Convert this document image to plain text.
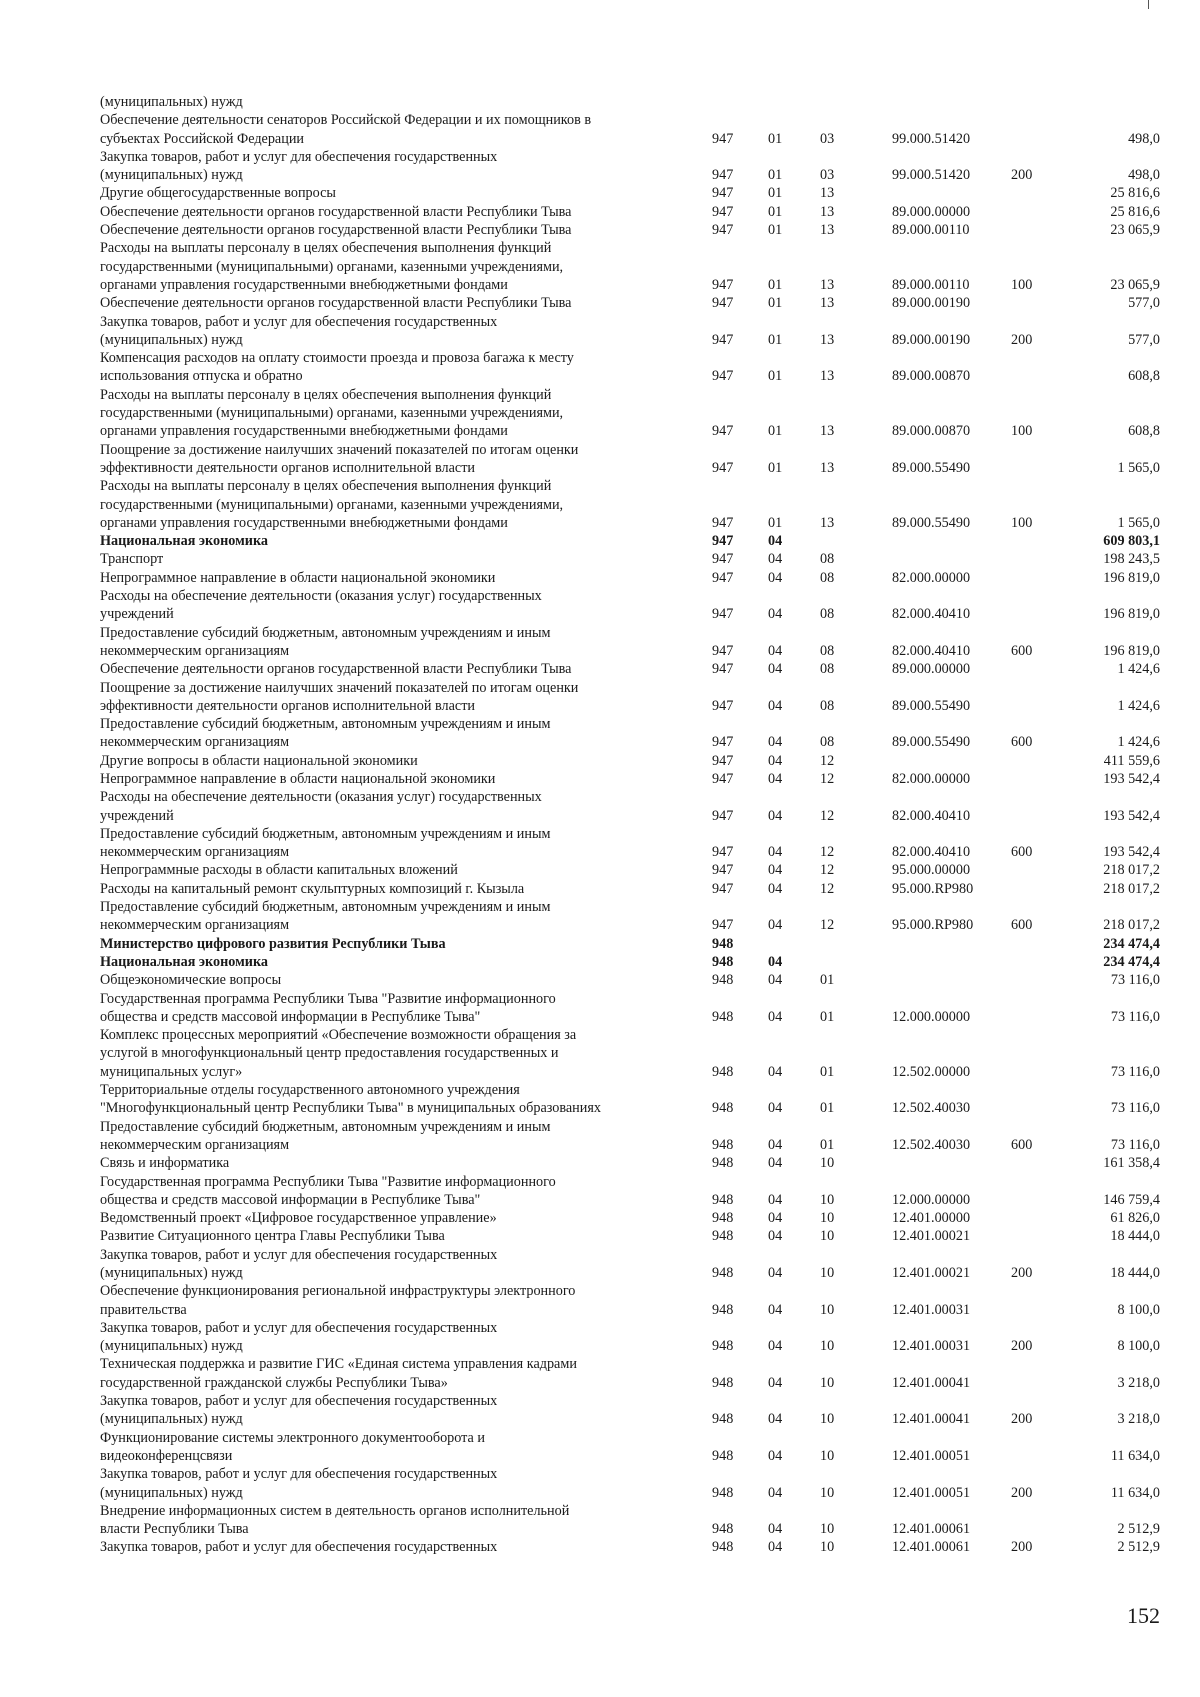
(муниципальных) нужд
Обеспечение деятельности сенаторов Российской Федерации и их помощников в
субъектах Российской Федерации	947 01	03	99.000.51420	498,0
Закупка товаров, работ и услуг для обеспечения государственных
(муниципальных) нужд	947 01	03	99.000.51420	200	498,0
Другие общегосударственные вопросы	947 01	13	25 816,6
Обеспечение деятельности органов государственной власти Республики Тыва	947 01	13	89.000.00000	25 816,6
Обеспечение деятельности органов государственной власти Республики Тыва	947 01	13	89.000.00110	23 065,9
Расходы на выплаты персоналу в целях обеспечения выполнения функций
государственными (муниципальными) органами, казенными учреждениями,
органами управления государственными внебюджетными фондами	947 01	13	89.000.00110	100	23 065,9
Обеспечение деятельности органов государственной власти Республики Тыва	947 01	13	89.000.00190	577,0
Закупка товаров, работ и услуг для обеспечения государственных
(муниципальных) нужд	947 01	13	89.000.00190	200	577,0
Компенсация расходов на оплату стоимости проезда и провоза багажа к месту
использования отпуска и обратно	947 01	13	89.000.00870	608,8
Расходы на выплаты персоналу в целях обеспечения выполнения функций
государственными (муниципальными) органами, казенными учреждениями,
органами управления государственными внебюджетными фондами	947 01	13	89.000.00870	100	608,8
Поощрение за достижение наилучших значений показателей по итогам оценки
эффективности деятельности органов исполнительной власти	947 01	13	89.000.55490	1 565,0
Расходы на выплаты персоналу в целях обеспечения выполнения функций
государственными (муниципальными) органами, казенными учреждениями,
органами управления государственными внебюджетными фондами	947 01	13	89.000.55490	100	1 565,0
Национальная экономика	947 04	609 803,1
Транспорт	947 04	08	198 243,5
Непрограммное направление в области национальной экономики	947 04	08	82.000.00000	196 819,0
Расходы на обеспечение деятельности (оказания услуг) государственных
учреждений	947 04	08	82.000.40410	196 819,0
Предоставление субсидий бюджетным, автономным учреждениям и иным
некоммерческим организациям	947 04	08	82.000.40410	600	196 819,0
Обеспечение деятельности органов государственной власти Республики Тыва	947 04	08	89.000.00000	1 424,6
Поощрение за достижение наилучших значений показателей по итогам оценки
эффективности деятельности органов исполнительной власти	947 04	08	89.000.55490	1 424,6
Предоставление субсидий бюджетным, автономным учреждениям и иным
некоммерческим организациям	947 04	08	89.000.55490	600	1 424,6
Другие вопросы в области национальной экономики	947 04	12	411 559,6
Непрограммное направление в области национальной экономики	947 04	12	82.000.00000	193 542,4
Расходы на обеспечение деятельности (оказания услуг) государственных
учреждений	947 04	12	82.000.40410	193 542,4
Предоставление субсидий бюджетным, автономным учреждениям и иным
некоммерческим организациям	947 04	12	82.000.40410	600	193 542,4
Непрограммные расходы в области капитальных вложений	947 04	12	95.000.00000	218 017,2
Расходы на капитальный ремонт скульптурных композиций г. Кызыла	947 04	12	95.000.RP980	218 017,2
Предоставление субсидий бюджетным, автономным учреждениям и иным
некоммерческим организациям	947 04	12	95.000.RP980	600	218 017,2
Министерство цифрового развития Республики Тыва	948	234 474,4
Национальная экономика	948 04	234 474,4
Общеэкономические вопросы	948 04	01	73 116,0
Государственная программа Республики Тыва "Развитие информационного
общества и средств массовой информации в Республике Тыва"	948 04	01	12.000.00000	73 116,0
Комплекс процессных мероприятий «Обеспечение возможности обращения за
услугой в многофункциональный центр предоставления государственных и
муниципальных услуг»	948 04	01	12.502.00000	73 116,0
Территориальные отделы государственного автономного учреждения
"Многофункциональный центр Республики Тыва" в муниципальных образованиях	948 04	01	12.502.40030	73 116,0
Предоставление субсидий бюджетным, автономным учреждениям и иным
некоммерческим организациям	948 04	01	12.502.40030	600	73 116,0
Связь и информатика	948 04	10	161 358,4
Государственная программа Республики Тыва "Развитие информационного
общества и средств массовой информации в Республике Тыва"	948 04	10	12.000.00000	146 759,4
Ведомственный проект «Цифровое государственное управление»	948 04	10	12.401.00000	61 826,0
Развитие Ситуационного центра Главы Республики Тыва	948 04	10	12.401.00021	18 444,0
Закупка товаров, работ и услуг для обеспечения государственных
(муниципальных) нужд	948 04	10	12.401.00021	200	18 444,0
Обеспечение функционирования региональной инфраструктуры электронного
правительства	948 04	10	12.401.00031	8 100,0
Закупка товаров, работ и услуг для обеспечения государственных
(муниципальных) нужд	948 04	10	12.401.00031	200	8 100,0
Техническая поддержка и развитие ГИС «Единая система управления кадрами
государственной гражданской службы Республики Тыва»	948 04	10	12.401.00041	3 218,0
Закупка товаров, работ и услуг для обеспечения государственных
(муниципальных) нужд	948 04	10	12.401.00041	200	3 218,0
Функционирование системы электронного документооборота и
видеоконференцсвязи	948 04	10	12.401.00051	11 634,0
Закупка товаров, работ и услуг для обеспечения государственных
(муниципальных) нужд	948 04	10	12.401.00051	200	11 634,0
Внедрение информационных систем в деятельность органов исполнительной
власти Республики Тыва	948 04	10	12.401.00061	2 512,9
Закупка товаров, работ и услуг для обеспечения государственных	948 04	10	12.401.00061	200	2 512,9
152
